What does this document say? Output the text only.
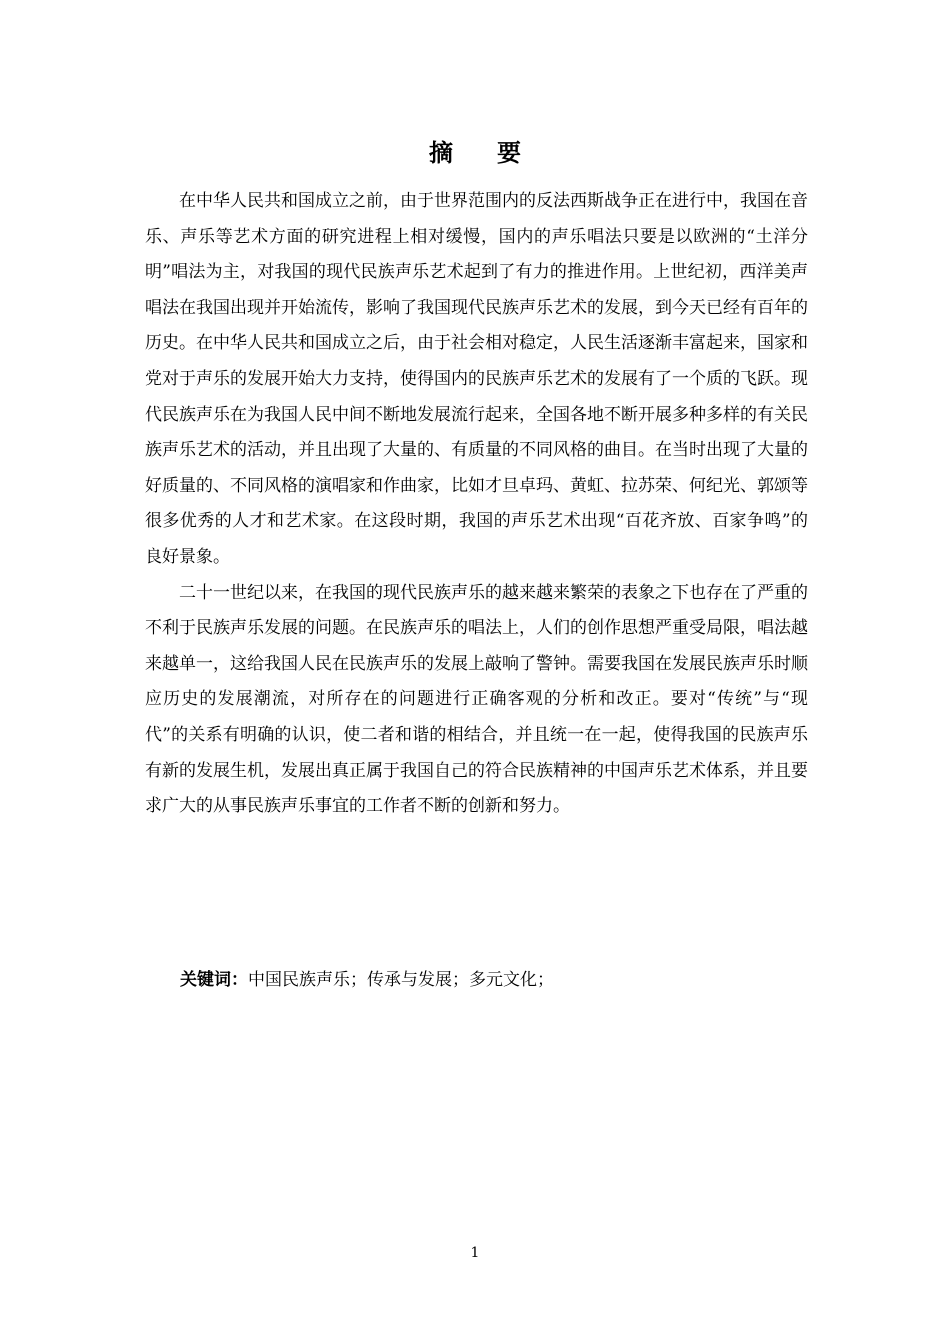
摘 要

在中华人民共和国成立之前，由于世界范围内的反法西斯战争正在进行中，我国在音乐、声乐等艺术方面的研究进程上相对缓慢，国内的声乐唱法只要是以欧洲的“土洋分明”唱法为主，对我国的现代民族声乐艺术起到了有力的推进作用。上世纪初，西洋美声唱法在我国出现并开始流传，影响了我国现代民族声乐艺术的发展，到今天已经有百年的历史。在中华人民共和国成立之后，由于社会相对稳定，人民生活逐渐丰富起来，国家和党对于声乐的发展开始大力支持，使得国内的民族声乐艺术的发展有了一个质的飞跃。现代民族声乐在为我国人民中间不断地发展流行起来，全国各地不断开展多种多样的有关民族声乐艺术的活动，并且出现了大量的、有质量的不同风格的曲目。在当时出现了大量的好质量的、不同风格的演唱家和作曲家，比如才旦卓玛、黄虹、拉苏荣、何纪光、郭颂等很多优秀的人才和艺术家。在这段时期，我国的声乐艺术出现“百花齐放、百家争鸣”的良好景象。

二十一世纪以来，在我国的现代民族声乐的越来越来繁荣的表象之下也存在了严重的不利于民族声乐发展的问题。在民族声乐的唱法上，人们的创作思想严重受局限，唱法越来越单一，这给我国人民在民族声乐的发展上敲响了警钟。需要我国在发展民族声乐时顺应历史的发展潮流，对所存在的问题进行正确客观的分析和改正。要对“传统”与“现代”的关系有明确的认识，使二者和谐的相结合，并且统一在一起，使得我国的民族声乐有新的发展生机，发展出真正属于我国自己的符合民族精神的中国声乐艺术体系，并且要求广大的从事民族声乐事宜的工作者不断的创新和努力。

关键词：中国民族声乐；传承与发展；多元文化；
1
